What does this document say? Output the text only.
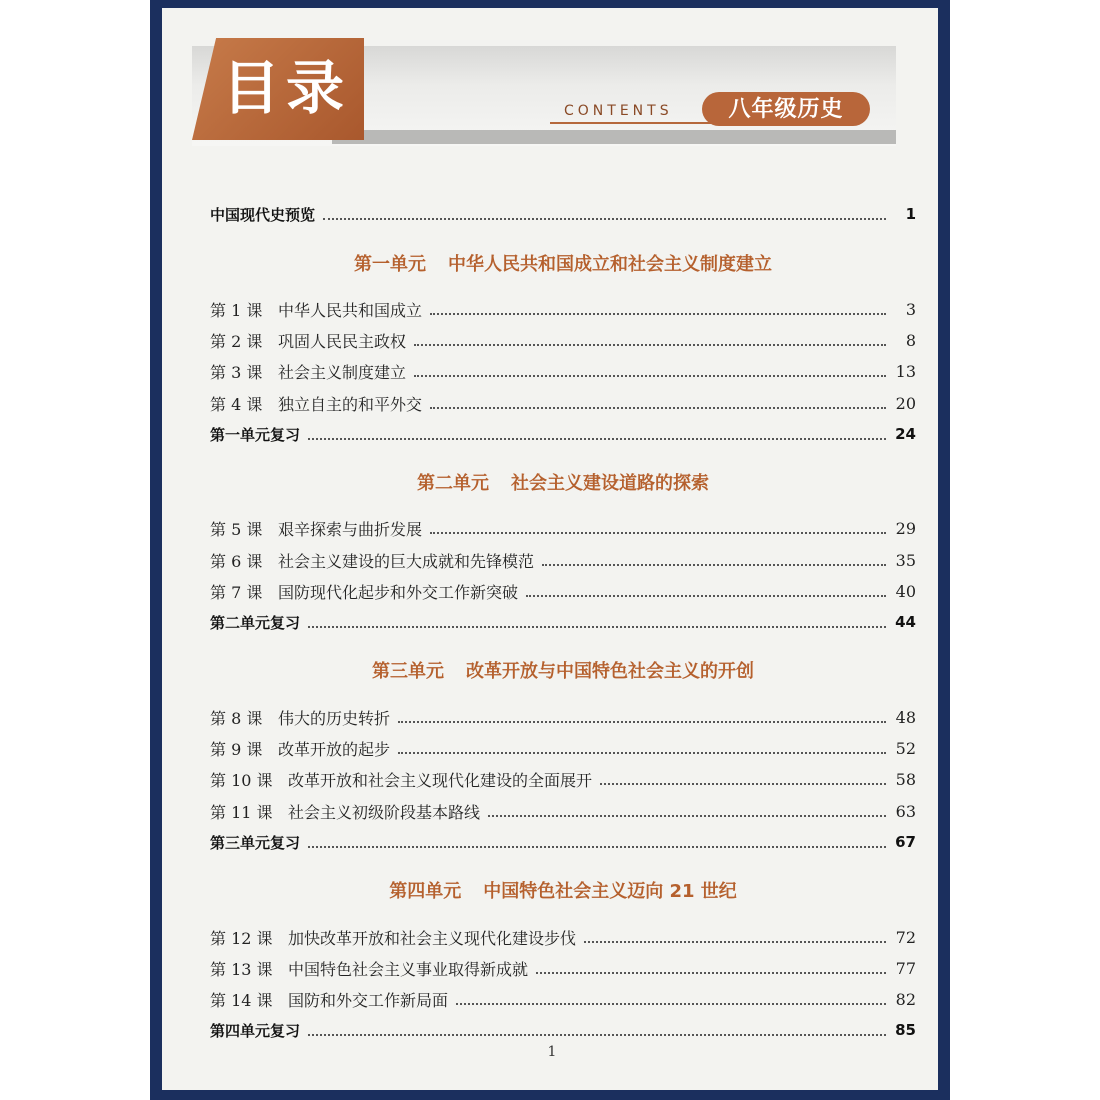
目录	CONTENTS	八年级历史
中国现代史预览	1
第一单元 中华人民共和国成立和社会主义制度建立
第 1 课 中华人民共和国成立	3
第 2 课 巩固人民民主政权	8
第 3 课 社会主义制度建立	13
第 4 课 独立自主的和平外交	20
第一单元复习	24
第二单元 社会主义建设道路的探索
第 5 课 艰辛探索与曲折发展	29
第 6 课 社会主义建设的巨大成就和先锋模范	35
第 7 课 国防现代化起步和外交工作新突破	40
第二单元复习	44
第三单元 改革开放与中国特色社会主义的开创
第 8 课 伟大的历史转折	48
第 9 课 改革开放的起步	52
第 10 课 改革开放和社会主义现代化建设的全面展开	58
第 11 课 社会主义初级阶段基本路线	63
第三单元复习	67
第四单元 中国特色社会主义迈向 21 世纪
第 12 课 加快改革开放和社会主义现代化建设步伐	72
第 13 课 中国特色社会主义事业取得新成就	77
第 14 课 国防和外交工作新局面	82
第四单元复习	85
1
